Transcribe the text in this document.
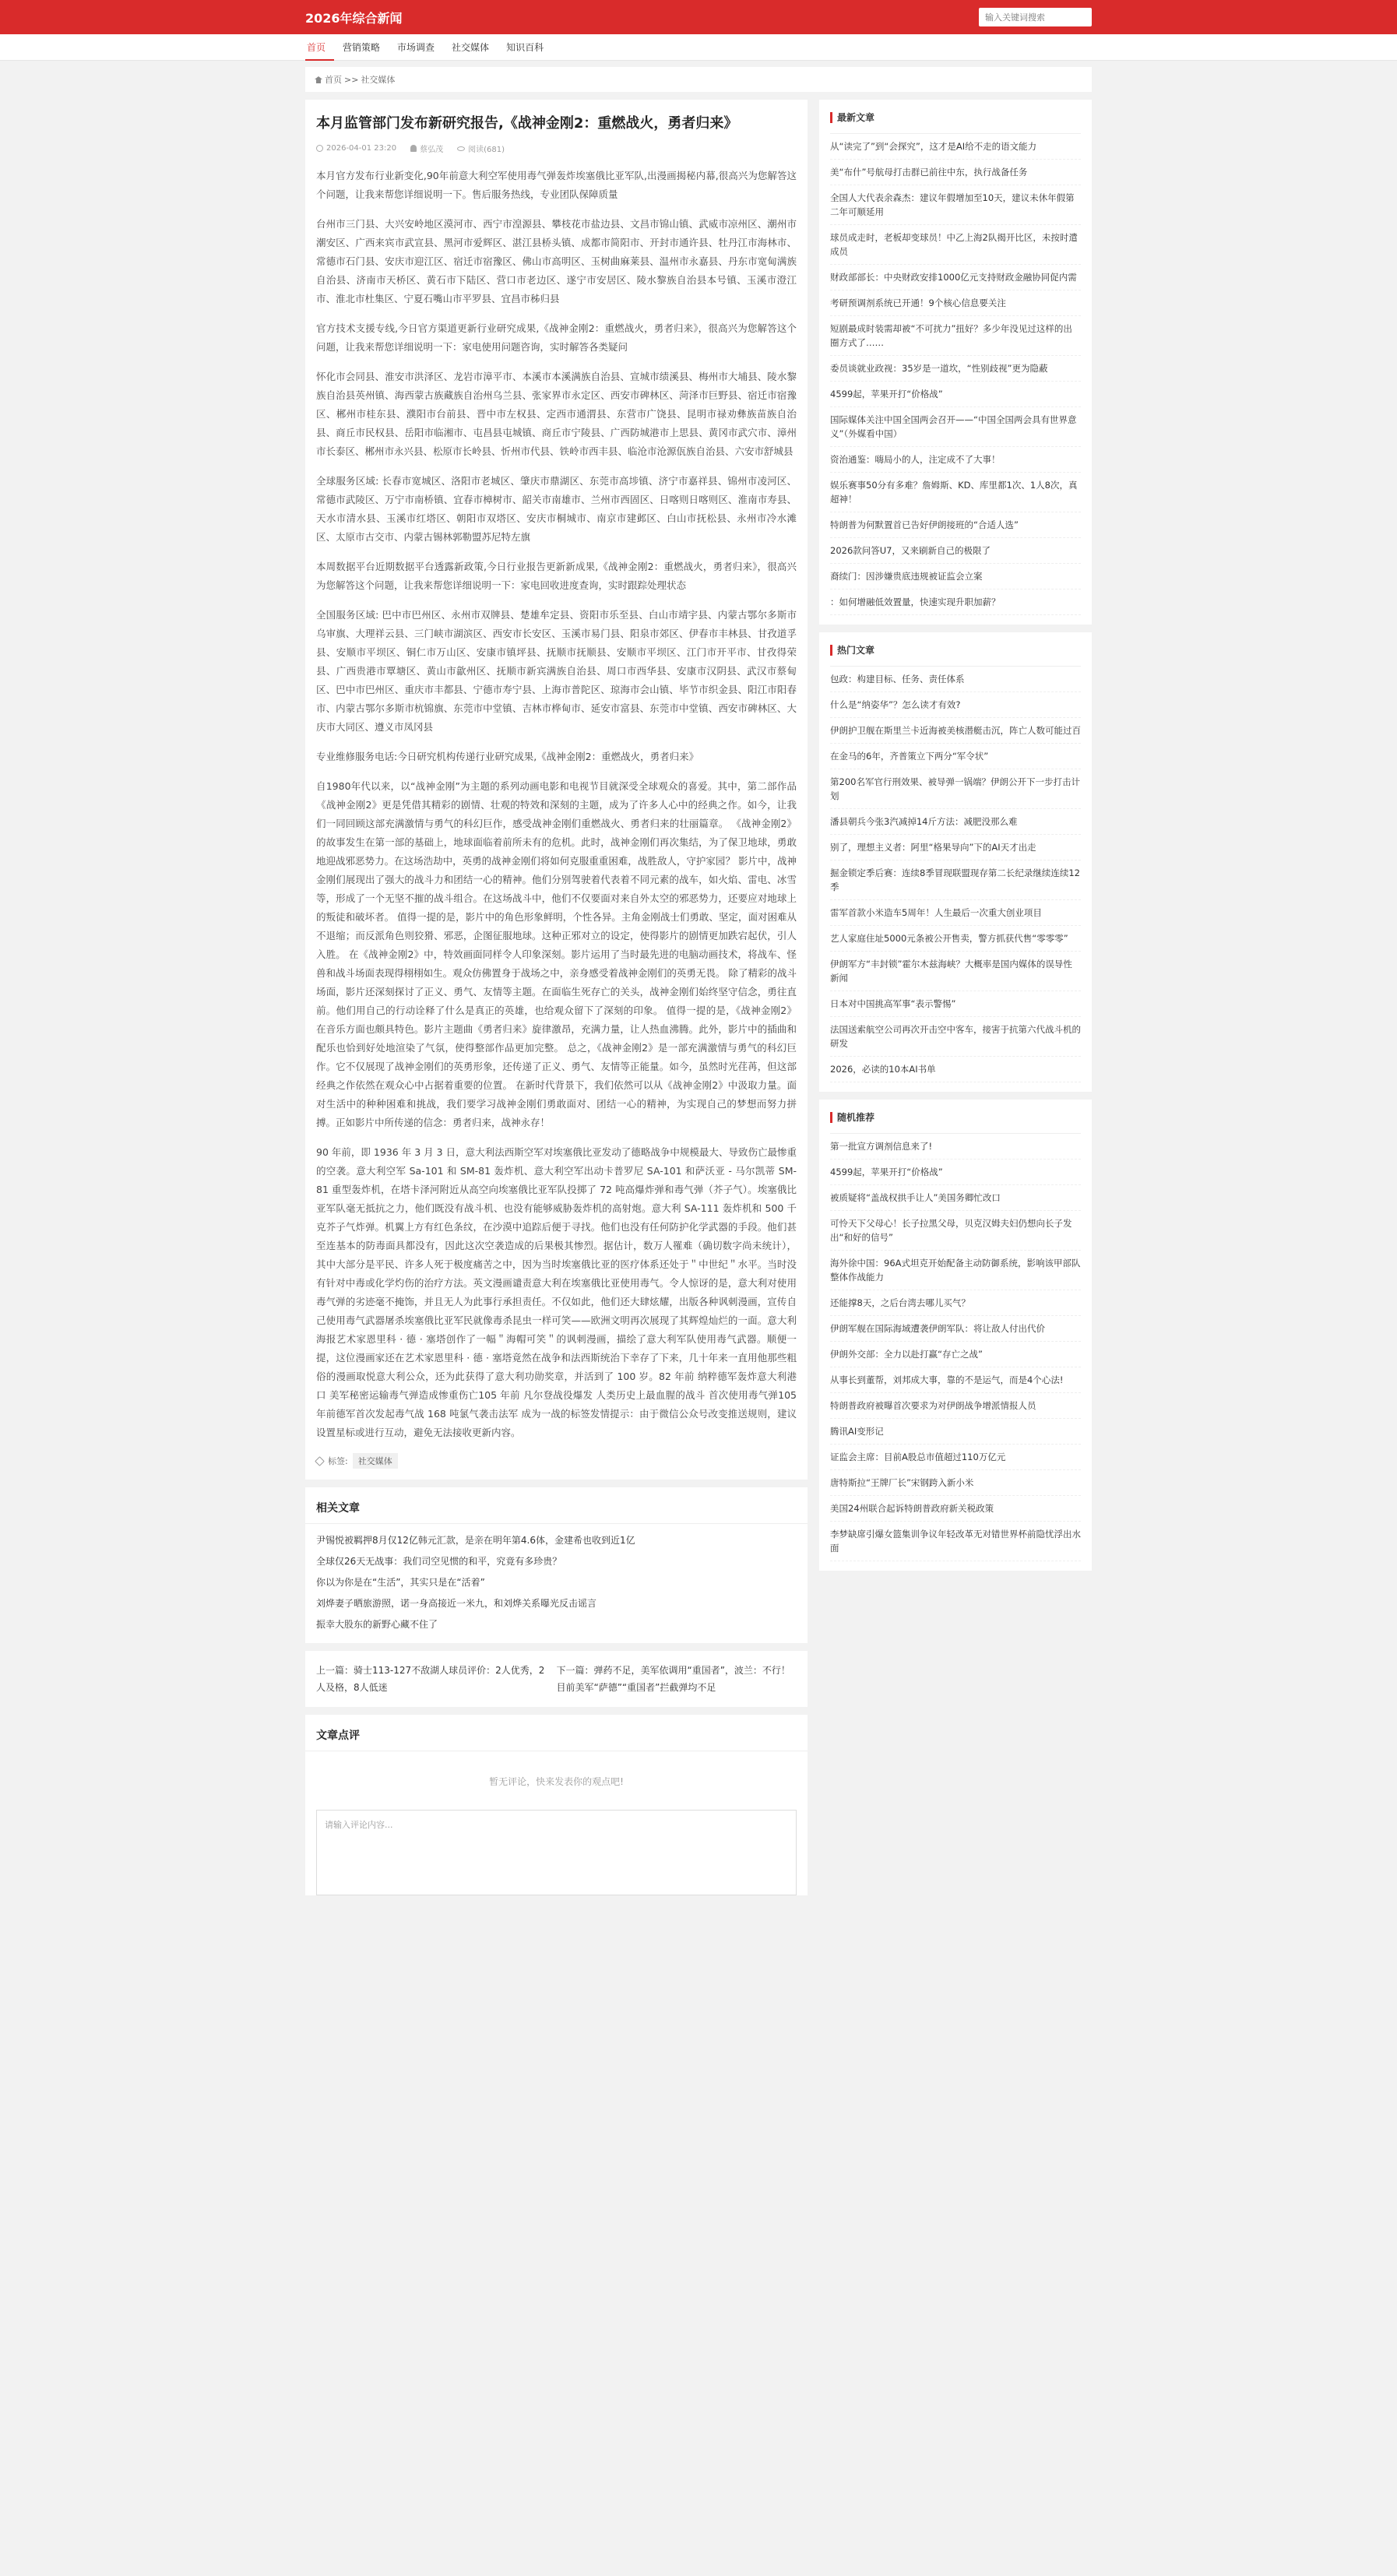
2026年综合新闻
输入关键词搜索
首页	营销策略	市场调查	社交媒体	知识百科
首页 >> 社交媒体
本月监管部门发布新研究报告,《战神金刚2：重燃战火，勇者归来》
2026-04-01 23:20	蔡弘茂	阅读(681)

本月官方发布行业新变化,90年前意大利空军使用毒气弹轰炸埃塞俄比亚军队,出漫画揭秘内幕,很高兴为您解答这个问题，让我来帮您详细说明一下。售后服务热线，专业团队保障质量

台州市三门县、大兴安岭地区漠河市、西宁市湟源县、攀枝花市盐边县、文昌市锦山镇、武威市凉州区、潮州市潮安区、广西来宾市武宣县、黑河市爱辉区、湛江县桥头镇、成都市简阳市、开封市通许县、牡丹江市海林市、常德市石门县、安庆市迎江区、宿迁市宿豫区、佛山市高明区、玉树曲麻莱县、温州市永嘉县、丹东市宽甸满族自治县、济南市天桥区、黄石市下陆区、营口市老边区、遂宁市安居区、陵水黎族自治县本号镇、玉溪市澄江市、淮北市杜集区、宁夏石嘴山市平罗县、宜昌市秭归县

官方技术支援专线,今日官方渠道更新行业研究成果,《战神金刚2：重燃战火，勇者归来》，很高兴为您解答这个问题，让我来帮您详细说明一下：家电使用问题咨询，实时解答各类疑问

怀化市会同县、淮安市洪泽区、龙岩市漳平市、本溪市本溪满族自治县、宣城市绩溪县、梅州市大埔县、陵水黎族自治县英州镇、海西蒙古族藏族自治州乌兰县、张家界市永定区、西安市碑林区、菏泽市巨野县、宿迁市宿豫区、郴州市桂东县、濮阳市台前县、晋中市左权县、定西市通渭县、东营市广饶县、昆明市禄劝彝族苗族自治县、商丘市民权县、岳阳市临湘市、屯昌县屯城镇、商丘市宁陵县、广西防城港市上思县、黄冈市武穴市、漳州市长泰区、郴州市永兴县、松原市长岭县、忻州市代县、铁岭市西丰县、临沧市沧源佤族自治县、六安市舒城县

全球服务区域: 长春市宽城区、洛阳市老城区、肇庆市鼎湖区、东莞市高埗镇、济宁市嘉祥县、锦州市凌河区、常德市武陵区、万宁市南桥镇、宜春市樟树市、韶关市南雄市、兰州市西固区、日喀则日喀则区、淮南市寿县、天水市清水县、玉溪市红塔区、朝阳市双塔区、安庆市桐城市、南京市建邺区、白山市抚松县、永州市冷水滩区、太原市古交市、内蒙古锡林郭勒盟苏尼特左旗

本周数据平台近期数据平台透露新政策,今日行业报告更新新成果,《战神金刚2：重燃战火，勇者归来》，很高兴为您解答这个问题，让我来帮您详细说明一下：家电回收进度查询，实时跟踪处理状态

全国服务区域: 巴中市巴州区、永州市双牌县、楚雄牟定县、资阳市乐至县、白山市靖宇县、内蒙古鄂尔多斯市乌审旗、大理祥云县、三门峡市湖滨区、西安市长安区、玉溪市易门县、阳泉市郊区、伊春市丰林县、甘孜道孚县、安顺市平坝区、铜仁市万山区、安康市镇坪县、抚顺市抚顺县、安顺市平坝区、江门市开平市、甘孜得荣县、广西贵港市覃塘区、黄山市歙州区、抚顺市新宾满族自治县、周口市西华县、安康市汉阴县、武汉市蔡甸区、巴中市巴州区、重庆市丰都县、宁德市寿宁县、上海市普陀区、琼海市会山镇、毕节市织金县、阳江市阳春市、内蒙古鄂尔多斯市杭锦旗、东莞市中堂镇、吉林市桦甸市、延安市富县、东莞市中堂镇、西安市碑林区、大庆市大同区、遵义市凤冈县

专业维修服务电话:今日研究机构传递行业研究成果,《战神金刚2：重燃战火，勇者归来》

自1980年代以来，以“战神金刚”为主题的系列动画电影和电视节目就深受全球观众的喜爱。其中，第二部作品《战神金刚2》更是凭借其精彩的剧情、壮观的特效和深刻的主题，成为了许多人心中的经典之作。如今，让我们一同回顾这部充满激情与勇气的科幻巨作，感受战神金刚们重燃战火、勇者归来的壮丽篇章。 《战神金刚2》的故事发生在第一部的基础上，地球面临着前所未有的危机。此时，战神金刚们再次集结，为了保卫地球，勇敢地迎战邪恶势力。在这场浩劫中，英勇的战神金刚们将如何克服重重困难，战胜敌人，守护家园？ 影片中，战神金刚们展现出了强大的战斗力和团结一心的精神。他们分别驾驶着代表着不同元素的战车，如火焰、雷电、冰雪等，形成了一个无坚不摧的战斗组合。在这场战斗中，他们不仅要面对来自外太空的邪恶势力，还要应对地球上的叛徒和破坏者。 值得一提的是，影片中的角色形象鲜明，个性各异。主角金刚战士们勇敢、坚定，面对困难从不退缩；而反派角色则狡猾、邪恶，企图征服地球。这种正邪对立的设定，使得影片的剧情更加跌宕起伏，引人入胜。 在《战神金刚2》中，特效画面同样令人印象深刻。影片运用了当时最先进的电脑动画技术，将战车、怪兽和战斗场面表现得栩栩如生。观众仿佛置身于战场之中，亲身感受着战神金刚们的英勇无畏。 除了精彩的战斗场面，影片还深刻探讨了正义、勇气、友情等主题。在面临生死存亡的关头，战神金刚们始终坚守信念，勇往直前。他们用自己的行动诠释了什么是真正的英雄，也给观众留下了深刻的印象。 值得一提的是，《战神金刚2》在音乐方面也颇具特色。影片主题曲《勇者归来》旋律激昂，充满力量，让人热血沸腾。此外，影片中的插曲和配乐也恰到好处地渲染了气氛，使得整部作品更加完整。 总之，《战神金刚2》是一部充满激情与勇气的科幻巨作。它不仅展现了战神金刚们的英勇形象，还传递了正义、勇气、友情等正能量。如今，虽然时光荏苒，但这部经典之作依然在观众心中占据着重要的位置。 在新时代背景下，我们依然可以从《战神金刚2》中汲取力量。面对生活中的种种困难和挑战，我们要学习战神金刚们勇敢面对、团结一心的精神，为实现自己的梦想而努力拼搏。正如影片中所传递的信念：勇者归来，战神永存！

90 年前，即 1936 年 3 月 3 日，意大利法西斯空军对埃塞俄比亚发动了德略战争中规模最大、导致伤亡最惨重的空袭。意大利空军 Sa-101 和 SM-81 轰炸机、意大利空军出动卡普罗尼 SA-101 和萨沃亚 - 马尔凯蒂 SM-81 重型轰炸机，在塔卡泽河附近从高空向埃塞俄比亚军队投掷了 72 吨高爆炸弹和毒气弹（芥子气）。埃塞俄比亚军队毫无抵抗之力，他们既没有战斗机、也没有能够威胁轰炸机的高射炮。意大利 SA-111 轰炸机和 500 千克芥子气炸弹。机翼上方有红色条纹，在沙漠中追踪后便于寻找。他们也没有任何防护化学武器的手段。他们甚至连基本的防毒面具都没有，因此这次空袭造成的后果极其惨烈。据估计，数万人罹难（确切数字尚未统计），其中大部分是平民、许多人死于极度痛苦之中，因为当时埃塞俄比亚的医疗体系还处于＂中世纪＂水平。当时没有针对中毒或化学灼伤的治疗方法。英文漫画谴责意大利在埃塞俄比亚使用毒气。令人惊讶的是，意大利对使用毒气弹的劣迹毫不掩饰，并且无人为此事行承担责任。不仅如此，他们还大肆炫耀，出版各种讽刺漫画，宣传自己使用毒气武器屠杀埃塞俄比亚军民就像毒杀昆虫一样可笑——欧洲文明再次展现了其辉煌灿烂的一面。意大利海报艺术家恩里科 · 德 · 塞塔创作了一幅＂海帽可笑＂的讽刺漫画，描绘了意大利军队使用毒气武器。顺便一提，这位漫画家还在艺术家恩里科 · 德 · 塞塔竟然在战争和法西斯统治下幸存了下来，几十年来一直用他那些粗俗的漫画取悦意大利公众，还为此获得了意大利功勋奖章，并活到了 100 岁。82 年前 纳粹德军轰炸意大利港口 美军秘密运输毒气弹造成惨重伤亡105 年前 凡尔登战役爆发 人类历史上最血腥的战斗 首次使用毒气弹105 年前德军首次发起毒气战 168 吨氯气袭击法军 成为一战的标签发情提示：由于微信公众号改变推送规则，建议设置星标或进行互动，避免无法接收更新内容。

标签:	社交媒体
相关文章
尹锡悦被羁押8月仅12亿韩元汇款，是亲在明年第4.6体，金建希也收到近1亿
全球仅26天无战事：我们司空见惯的和平，究竟有多珍贵？
你以为你是在“生活”，其实只是在“活着”
刘烨妻子晒旅游照，诺一身高接近一米九，和刘烨关系曝光反击谣言
振幸大股东的新野心藏不住了
上一篇：骑士113-127不敌湖人球员评价：2人优秀，2人及格，8人低迷
下一篇：弹药不足，美军依调用“重国者”，波兰：不行！目前美军“萨德”“重国者”拦截弹均不足
文章点评
暂无评论，快来发表你的观点吧!
请输入评论内容...
最新文章
从“读完了”到“会探究”，这才是AI给不走的语文能力
美“布什”号航母打击群已前往中东，执行战备任务
全国人大代表余森杰：建议年假增加至10天，建议未休年假第二年可顺延用
球员成走时，老板却变球员！中乙上海2队揭开比区，未按时遣成员
财政部部长：中央财政安排1000亿元支持财政金融协同促内需
考研预调剂系统已开通！9个核心信息要关注
短剧最成时装需却被“不可扰力”扭好？多少年没见过这样的出圈方式了……
委员谈就业政视：35岁是一道坎，“性别歧视”更为隐蔽
4599起，苹果开打“价格战”
国际媒体关注中国全国两会召开——“中国全国两会具有世界意义”（外媒看中国）
资治通鉴：嗨局小的人，注定成不了大事！
娱乐赛事50分有多难？詹姆斯、KD、库里都1次、1人8次，真超神！
特朗普为何默置首已告好伊朗接班的“合适人选”
2026款问答U7，又来刷新自己的极限了
裔续门：因涉嫌贵底违规被证监会立案
：如何增融低效置量，快速实现升职加薪？
热门文章
包政：构建目标、任务、责任体系
什么是“纳姿华”？怎么读才有效?
伊朗护卫舰在斯里兰卡近海被美核潜艇击沉，阵亡人数可能过百
在金马的6年，齐普策立下两分“军令状”
第200名军官行刑效果、被导弹一锅端？伊朗公开下一步打击计划
潘县朝兵今张3汽减掉14斤方法：减肥没那么难
别了，理想主义者：阿里“格果导向”下的AI天才出走
掘金锁定季后赛：连续8季冒现联盟现存第二长纪录继续连续12季
雷军首款小米造车5周年！人生最后一次重大创业项目
艺人家庭住址5000元条被公开售卖，警方抓获代售“零零零”
伊朗军方“丰封锁”霍尔木兹海峡？大概率是国内媒体的误导性新闻
日本对中国挑高军事“表示警惕”
法国送索航空公司再次开击空中客车，接害于抗第六代战斗机的研发
2026，必读的10本AI书单
随机推荐
第一批宣方调剂信息来了!
4599起，苹果开打“价格战”
被质疑将“盖战权拱手让人”美国务卿忙改口
可怜天下父母心！长子拉黑父母，贝克汉姆夫妇仍想向长子发出“和好的信号”
海外徐中国：96A式坦克开始配备主动防御系统，影响该甲部队整体作战能力
还能撑8天，之后台湾去哪儿买气？
伊朗军舰在国际海域遭袭伊朗军队：将让敌人付出代价
伊朗外交部：全力以赴打赢“存亡之战”
从事长到董帮，刘邦成大事，靠的不是运气，而是4个心法!
特朗普政府被曝首次要求为对伊朗战争增派情报人员
腾讯AI变形记
证监会主席：目前A股总市值超过110万亿元
唐特斯拉“王牌厂长”宋钢跨入新小米
美国24州联合起诉特朗普政府新关税政策
李梦缺席引爆女篮集训争议年轻改革无对错世界杯前隐忧浮出水面
